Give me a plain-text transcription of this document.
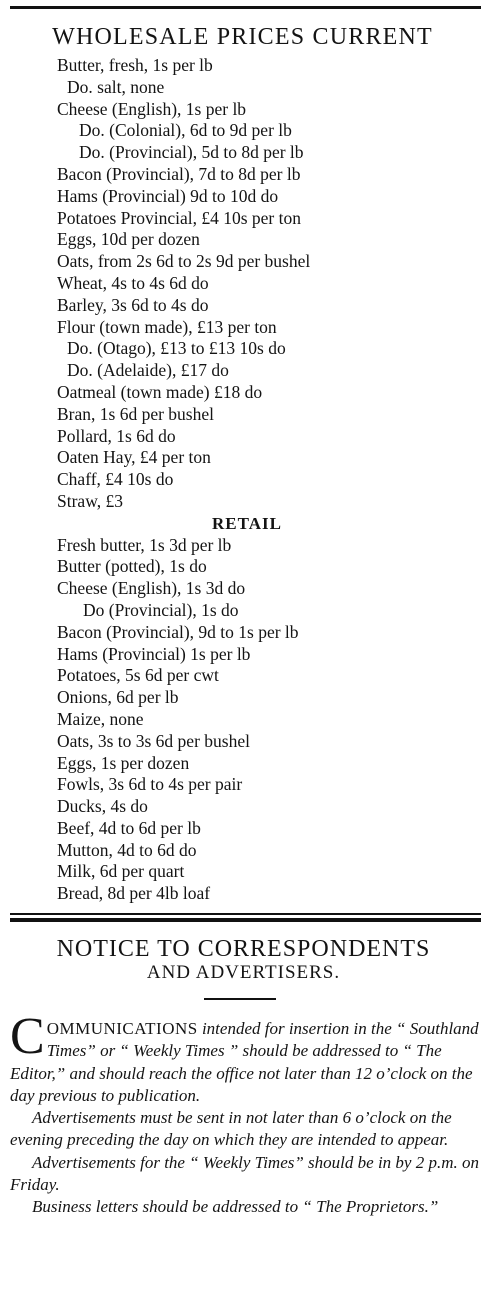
WHOLESALE PRICES CURRENT
Butter, fresh, 1s per lb
Do. salt, none
Cheese (English), 1s per lb
Do. (Colonial), 6d to 9d per lb
Do. (Provincial), 5d to 8d per lb
Bacon (Provincial), 7d to 8d per lb
Hams (Provincial) 9d to 10d do
Potatoes Provincial, £4 10s per ton
Eggs, 10d per dozen
Oats, from 2s 6d to 2s 9d per bushel
Wheat, 4s to 4s 6d do
Barley, 3s 6d to 4s do
Flour (town made), £13 per ton
Do. (Otago), £13 to £13 10s do
Do. (Adelaide), £17 do
Oatmeal (town made) £18 do
Bran, 1s 6d per bushel
Pollard, 1s 6d do
Oaten Hay, £4 per ton
Chaff, £4 10s do
Straw, £3
RETAIL
Fresh butter, 1s 3d per lb
Butter (potted), 1s do
Cheese (English), 1s 3d do
Do (Provincial), 1s do
Bacon (Provincial), 9d to 1s per lb
Hams (Provincial) 1s per lb
Potatoes, 5s 6d per cwt
Onions, 6d per lb
Maize, none
Oats, 3s to 3s 6d per bushel
Eggs, 1s per dozen
Fowls, 3s 6d to 4s per pair
Ducks, 4s do
Beef, 4d to 6d per lb
Mutton, 4d to 6d do
Milk, 6d per quart
Bread, 8d per 4lb loaf
NOTICE TO CORRESPONDENTS
AND ADVERTISERS.

COMMUNICATIONS intended for insertion in the “ Southland Times” or “ Weekly Times ” should be addressed to “ The Editor,” and should reach the office not later than 12 o’clock on the day previous to publication.

Advertisements must be sent in not later than 6 o’clock on the evening preceding the day on which they are intended to appear.

Advertisements for the “ Weekly Times” should be in by 2 p.m. on Friday.

Business letters should be addressed to “ The Proprietors.”
